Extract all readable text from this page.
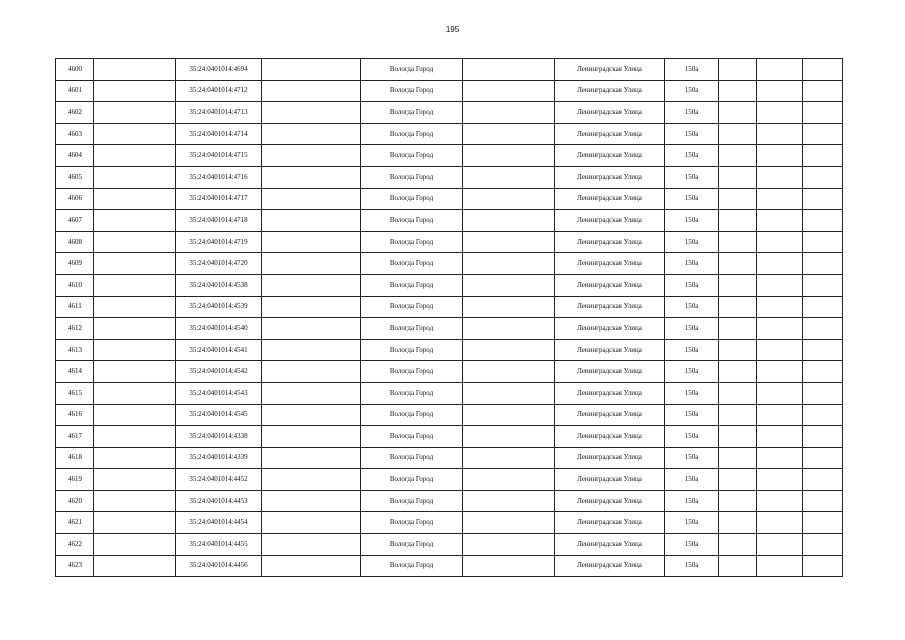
195
4600		35:24:0401014:4694		Вологда Город		Ленинградская Улица	150а			
4601		35:24:0401014:4712		Вологда Город		Ленинградская Улица	150а			
4602		35:24:0401014:4713		Вологда Город		Ленинградская Улица	150а			
4603		35:24:0401014:4714		Вологда Город		Ленинградская Улица	150а			
4604		35:24:0401014:4715		Вологда Город		Ленинградская Улица	150а			
4605		35:24:0401014:4716		Вологда Город		Ленинградская Улица	150а			
4606		35:24:0401014:4717		Вологда Город		Ленинградская Улица	150а			
4607		35:24:0401014:4718		Вологда Город		Ленинградская Улица	150а			
4608		35:24:0401014:4719		Вологда Город		Ленинградская Улица	150а			
4609		35:24:0401014:4720		Вологда Город		Ленинградская Улица	150а			
4610		35:24:0401014:4538		Вологда Город		Ленинградская Улица	150а			
4611		35:24:0401014:4539		Вологда Город		Ленинградская Улица	150а			
4612		35:24:0401014:4540		Вологда Город		Ленинградская Улица	150а			
4613		35:24:0401014:4541		Вологда Город		Ленинградская Улица	150а			
4614		35:24:0401014:4542		Вологда Город		Ленинградская Улица	150а			
4615		35:24:0401014:4543		Вологда Город		Ленинградская Улица	150а			
4616		35:24:0401014:4545		Вологда Город		Ленинградская Улица	150а			
4617		35:24:0401014:4338		Вологда Город		Ленинградская Улица	150а			
4618		35:24:0401014:4339		Вологда Город		Ленинградская Улица	150а			
4619		35:24:0401014:4452		Вологда Город		Ленинградская Улица	150а			
4620		35:24:0401014:4453		Вологда Город		Ленинградская Улица	150а			
4621		35:24:0401014:4454		Вологда Город		Ленинградская Улица	150а			
4622		35:24:0401014:4455		Вологда Город		Ленинградская Улица	150а			
4623		35:24:0401014:4456		Вологда Город		Ленинградская Улица	150а			
